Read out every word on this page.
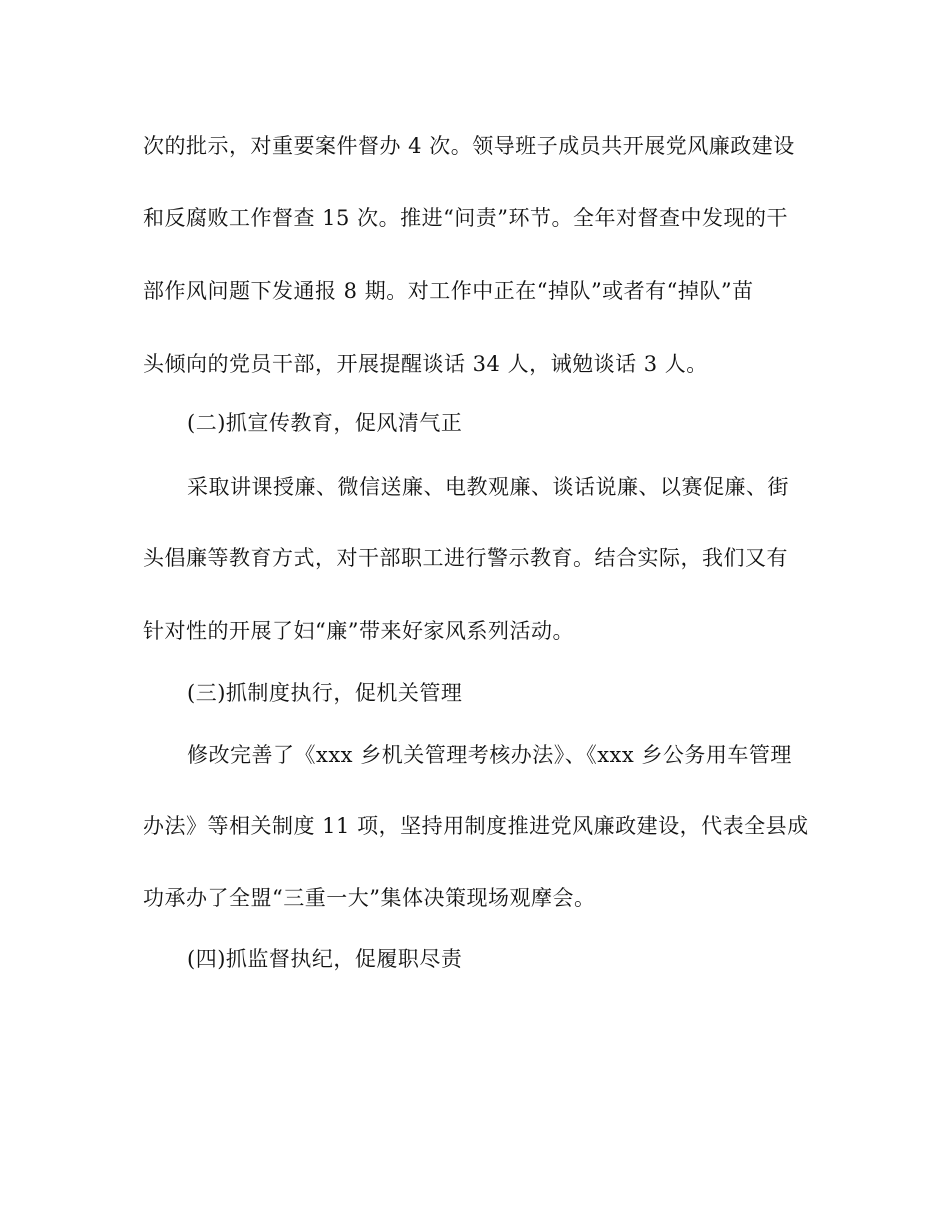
次的批示，对重要案件督办 4 次。领导班子成员共开展党风廉政建设
和反腐败工作督查 15 次。推进“问责”环节。全年对督查中发现的干
部作风问题下发通报 8 期。对工作中正在“掉队”或者有“掉队”苗
头倾向的党员干部，开展提醒谈话 34 人，诫勉谈话 3 人。
(二)抓宣传教育，促风清气正
采取讲课授廉、微信送廉、电教观廉、谈话说廉、以赛促廉、街
头倡廉等教育方式，对干部职工进行警示教育。结合实际，我们又有
针对性的开展了妇“廉”带来好家风系列活动。
(三)抓制度执行，促机关管理
修改完善了《xxx 乡机关管理考核办法》、《xxx 乡公务用车管理
办法》等相关制度 11 项，坚持用制度推进党风廉政建设，代表全县成
功承办了全盟“三重一大”集体决策现场观摩会。
(四)抓监督执纪，促履职尽责
